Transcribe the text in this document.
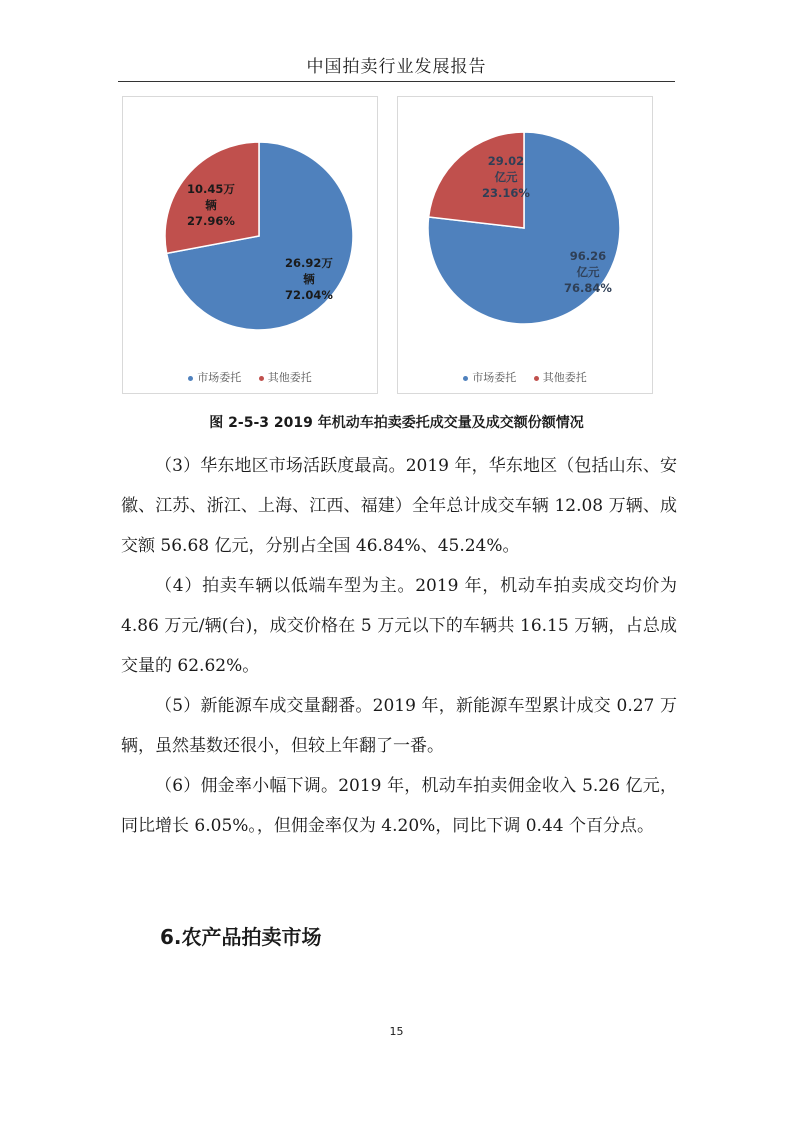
中国拍卖行业发展报告
26.92万辆 72.04%
10.45万辆 27.96%
市场委托 其他委托
96.26 亿元 76.84%
29.02 亿元 23.16%
市场委托 其他委托
图 2-5-3 2019 年机动车拍卖委托成交量及成交额份额情况

（3）华东地区市场活跃度最高。2019 年，华东地区（包括山东、安徽、江苏、浙江、上海、江西、福建）全年总计成交车辆 12.08 万辆、成交额 56.68 亿元，分别占全国 46.84%、45.24%。

（4）拍卖车辆以低端车型为主。2019 年，机动车拍卖成交均价为 4.86 万元/辆(台)，成交价格在 5 万元以下的车辆共 16.15 万辆，占总成交量的 62.62%。

（5）新能源车成交量翻番。2019 年，新能源车型累计成交 0.27 万辆，虽然基数还很小，但较上年翻了一番。

（6）佣金率小幅下调。2019 年，机动车拍卖佣金收入 5.26 亿元，同比增长 6.05%。，但佣金率仅为 4.20%，同比下调 0.44 个百分点。

6.农产品拍卖市场
15
